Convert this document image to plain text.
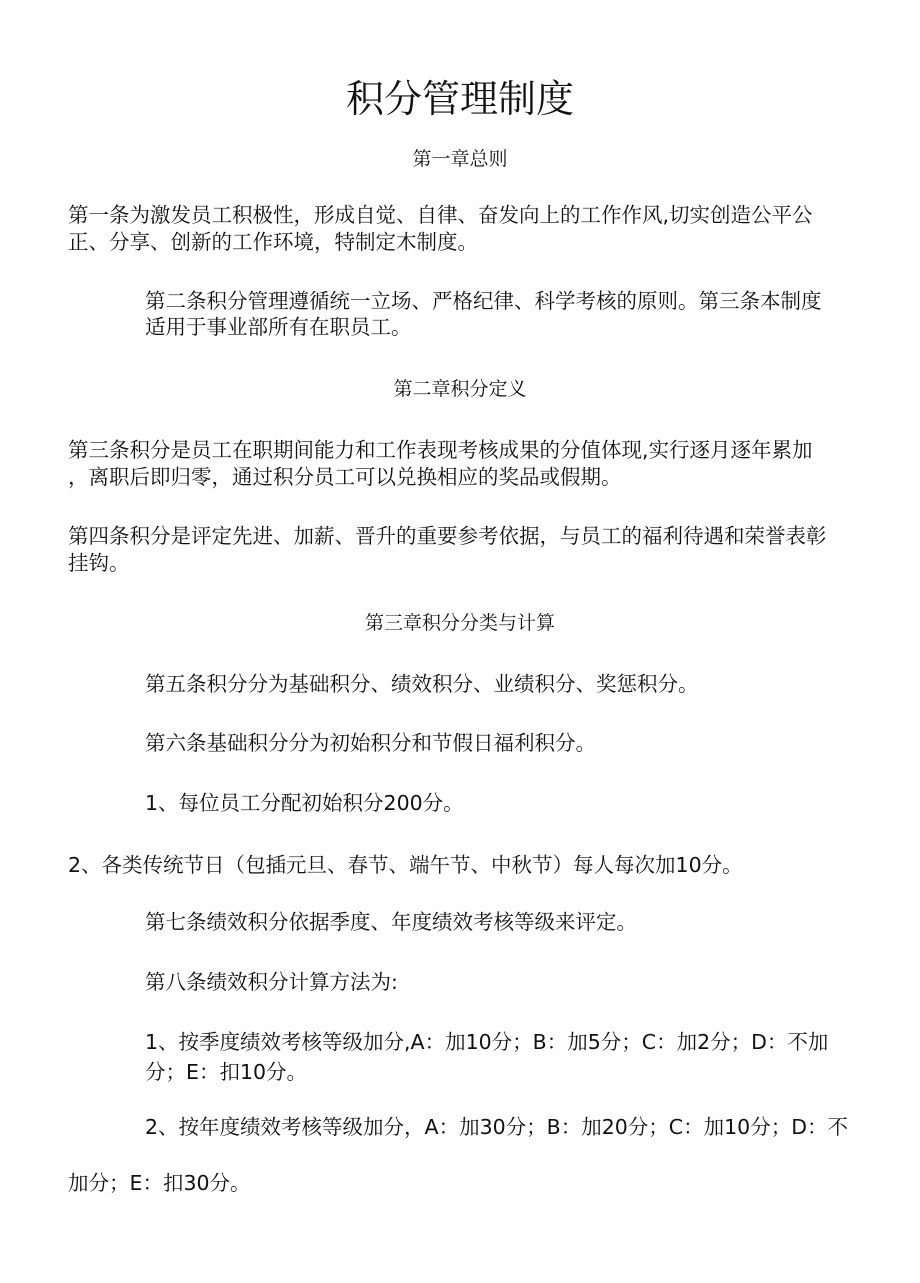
积分管理制度
第一章总则
第一条为激发员工积极性，形成自觉、自律、奋发向上的工作作风,切实创造公平公
正、分享、创新的工作环境，特制定木制度。
第二条积分管理遵循统一立场、严格纪律、科学考核的原则。第三条本制度
适用于事业部所有在职员工。
第二章积分定义
第三条积分是员工在职期间能力和工作表现考核成果的分值体现,实行逐月逐年累加
，离职后即归零，通过积分员工可以兑换相应的奖品或假期。
第四条积分是评定先进、加薪、晋升的重要参考依据，与员工的福利待遇和荣誉表彰
挂钩。
第三章积分分类与计算
第五条积分分为基础积分、绩效积分、业绩积分、奖惩积分。
第六条基础积分分为初始积分和节假日福利积分。
1、每位员工分配初始积分200分。
2、各类传统节日（包插元旦、春节、端午节、中秋节）每人每次加10分。
第七条绩效积分依据季度、年度绩效考核等级来评定。
第八条绩效积分计算方法为:
1、按季度绩效考核等级加分,A：加10分；B：加5分；C：加2分；D：不加
分；E：扣10分。
2、按年度绩效考核等级加分，A：加30分；B：加20分；C：加10分；D：不
加分；E：扣30分。
